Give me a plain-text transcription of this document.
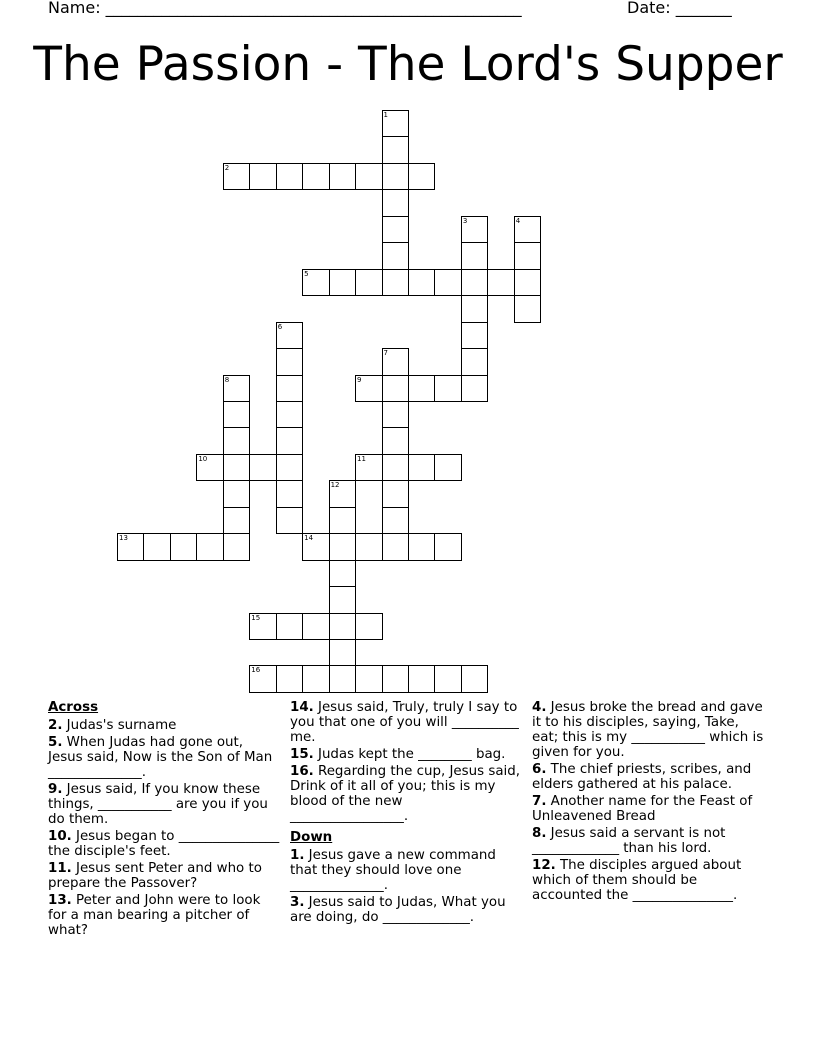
Name: ____________________________________________________	Date: _______
The Passion - The Lord's Supper
1
2
3	4
5
6
7
8	9
10	11
12
13	14
15
16
Across
2. Judas's surname
5. When Judas had gone out, Jesus said, Now is the Son of Man ______________.
9. Jesus said, If you know these things, ___________ are you if you do them.
10. Jesus began to _______________ the disciple's feet.
11. Jesus sent Peter and who to prepare the Passover?
13. Peter and John were to look for a man bearing a pitcher of what?
14. Jesus said, Truly, truly I say to you that one of you will __________ me.
15. Judas kept the ________ bag.
16. Regarding the cup, Jesus said, Drink of it all of you; this is my blood of the new _________________.
Down
1. Jesus gave a new command that they should love one ______________.
3. Jesus said to Judas, What you are doing, do _____________.
4. Jesus broke the bread and gave it to his disciples, saying, Take, eat; this is my ___________ which is given for you.
6. The chief priests, scribes, and elders gathered at his palace.
7. Another name for the Feast of Unleavened Bread
8. Jesus said a servant is not _____________ than his lord.
12. The disciples argued about which of them should be accounted the _______________.
